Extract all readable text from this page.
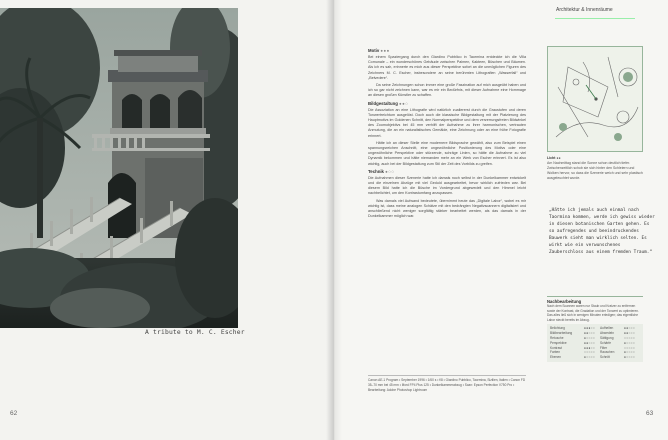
A tribute to M. C. Escher
62
Architektur & Innenräume
Motiv ●●●

Bei einem Spaziergang durch den Giardino Pubblico in Taormina entdeckte ich die Villa Comunale – ein wunderschönes Gebäude zwischen Palmen, Kakteen, Büschen und Bäumen. Als ich es sah, erinnerte es mich aus dieser Perspektive sofort an die unmöglichen Figuren des Zeichners M. C. Escher, insbesondere an seine berühmten Lithografien „Wasserfall“ und „Belvedere“.

Da seine Zeichnungen schon immer eine große Faszination auf mich ausgeübt haben und ich so gar nicht zeichnen kann, war es mir ein Bedürfnis, mit dieser Aufnahme eine Hommage an diesen großen Künstler zu schaffen.

Bildgestaltung ●●○

Die Assoziation an eine Lithografie wird natürlich zuallererst durch die Graustufen und deren Tonwertreichtum ausgelöst. Doch auch die klassische Bildgestaltung mit der Platzierung des Hauptmotivs im Goldenen Schnitt, den Normalperspektive und dem verzerrungsfreien Bildwinkel des Zoomobjektivs bei 45 mm verhilft der Aufnahme zu ihrer harmonischen, vertrauten Anmutung, die an ein naturalistisches Gemälde, eine Zeichnung oder an eine frühe Fotografie erinnert.

Hätte ich an dieser Stelle eine modernere Bildsprache gewählt, also zum Beispiel einen spannungsreichen Anschnitt, eine ungewöhnliche Positionierung des Motivs oder eine ungewöhnliche Perspektive oder stürzende, schräge Linien, so hätte die Aufnahme zu viel Dynamik bekommen und hätte niemanden mehr an ein Werk von Escher erinnert. Es ist also wichtig, auch bei der Bildgestaltung zum Stil der Zeit des Vorbilds zu greifen.

Technik ●○○

Die Aufnahmen dieser Szenerie hatte ich damals noch selbst in der Dunkelkammer entwickelt und die einzelnen Abzüge mit viel Geduld ausgearbeitet, bevor wirklich zufrieden war. Bei diesem Bild hatte ich die Büsche im Vordergrund abgewedelt und den Himmel leicht nachbelichtet, um den Kontrastumfang anzupassen.

Was damals viel Aufwand bedeutete, übernimmt heute das „Digitale Labor“, wobei es mir wichtig ist, dass meine analogen Schätze mit den bedrängten Negativscannern digitalisiert und anschließend nicht weniger sorgfältig stärker bearbeitet werden, als das damals in der Dunkelkammer möglich war.

Canon AE-1 Program • September 1996 • 1/60 s • f/8 • Giardino Pubblico, Taormina, Sizilien, Italien • Canon FD 35–70 mm bei 45 mm • Ilford FP4 Plus 125 • Dunkelkammerabzug • Scan: Epson Perfection V750 Pro • Bearbeitung: Adobe Photoshop Lightroom
Licht ●●
Am Nachmittag stand die Sonne schon deutlich tiefer. Zwischenzeitlich schob sie sich hinter den Schleiern und Wolken hervor, so dass die Szenerie weich und sehr plastisch ausgeleuchtet wurde.
„Hätte ich jemals auch einmal nach Taormina kommen, werde ich gewiss wieder in diesen botanischen Garten gehen. Es so aufregendes und beeindruckendes Bauwerk sieht man wirklich selten. Es wirkt wie ein verwunschenes Zauberschloss aus einem fremden Traum.“
Nachbearbeitung

Nach dem Scannen waren nur Staub und Kratzer zu entfernen sowie der Kontrast, die Gradation und der Tonwert zu optimieren. Das alles ließ sich in wenigen Minuten erledigen; das eigentliche Labor steckt bereits im Abzug.

Belichtung	●●●○○	Aufhellen	●●○○○
Bildbearbeitung	●●○○○	Abwedeln	●●○○○
Retusche	●○○○○	Sättigung	○○○○○
Perspektive	●●○○○	Schärfe	●○○○○
Kontrast	●●●○○	Filter	○○○○○
Farben	○○○○○	Rauschen	●○○○○
Ebenen	●○○○○	Schnitt	●○○○○
63
